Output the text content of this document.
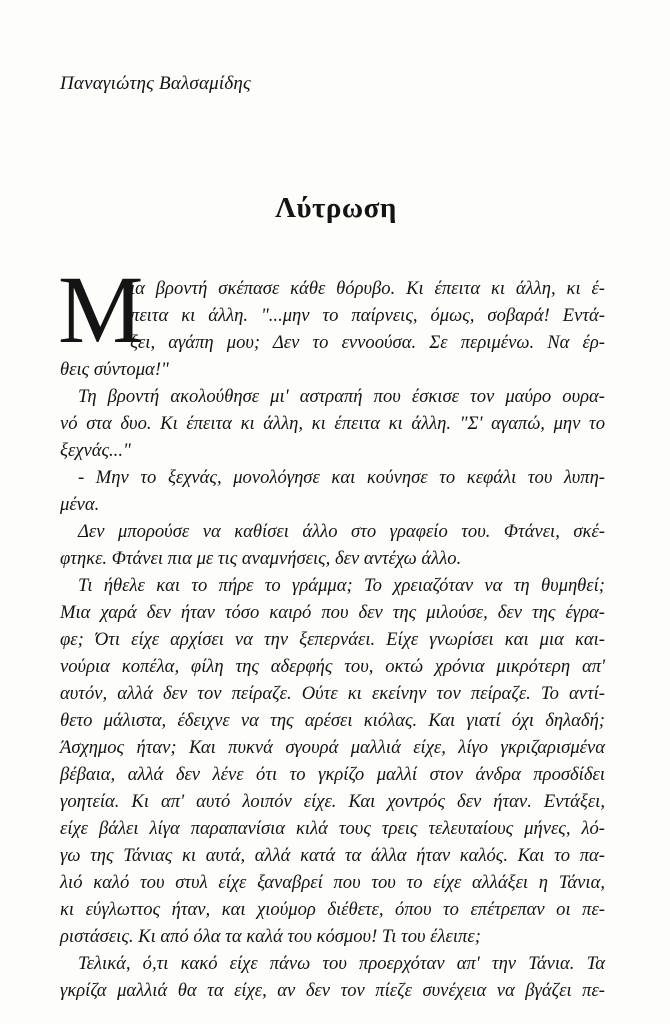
Παναγιώτης Βαλσαμίδης
Λύτρωση
Μ
ια βροντή σκέπασε κάθε θόρυβο. Κι έπειτα κι άλλη, κι έ-
πειτα κι άλλη. "...μην το παίρνεις, όμως, σοβαρά! Εντά-
ξει, αγάπη μου; Δεν το εννοούσα. Σε περιμένω. Να έρ-
θεις σύντομα!"
Τη βροντή ακολούθησε μι' αστραπή που έσκισε τον μαύρο ουρα-
νό στα δυο. Κι έπειτα κι άλλη, κι έπειτα κι άλλη. "Σ' αγαπώ, μην το
ξεχνάς..."
- Μην το ξεχνάς, μονολόγησε και κούνησε το κεφάλι του λυπη-
μένα.
Δεν μπορούσε να καθίσει άλλο στο γραφείο του. Φτάνει, σκέ-
φτηκε. Φτάνει πια με τις αναμνήσεις, δεν αντέχω άλλο.
Τι ήθελε και το πήρε το γράμμα; Το χρειαζόταν να τη θυμηθεί;
Μια χαρά δεν ήταν τόσο καιρό που δεν της μιλούσε, δεν της έγρα-
φε; Ότι είχε αρχίσει να την ξεπερνάει. Είχε γνωρίσει και μια και-
νούρια κοπέλα, φίλη της αδερφής του, οκτώ χρόνια μικρότερη απ'
αυτόν, αλλά δεν τον πείραζε. Ούτε κι εκείνην τον πείραζε. Το αντί-
θετο μάλιστα, έδειχνε να της αρέσει κιόλας. Και γιατί όχι δηλαδή;
Άσχημος ήταν; Και πυκνά σγουρά μαλλιά είχε, λίγο γκριζαρισμένα
βέβαια, αλλά δεν λένε ότι το γκρίζο μαλλί στον άνδρα προσδίδει
γοητεία. Κι απ' αυτό λοιπόν είχε. Και χοντρός δεν ήταν. Εντάξει,
είχε βάλει λίγα παραπανίσια κιλά τους τρεις τελευταίους μήνες, λό-
γω της Τάνιας κι αυτά, αλλά κατά τα άλλα ήταν καλός. Και το πα-
λιό καλό του στυλ είχε ξαναβρεί που του το είχε αλλάξει η Τάνια,
κι εύγλωττος ήταν, και χιούμορ διέθετε, όπου το επέτρεπαν οι πε-
ριστάσεις. Κι από όλα τα καλά του κόσμου! Τι του έλειπε;
Τελικά, ό,τι κακό είχε πάνω του προερχόταν απ' την Τάνια. Τα
γκρίζα μαλλιά θα τα είχε, αν δεν τον πίεζε συνέχεια να βγάζει πε-
